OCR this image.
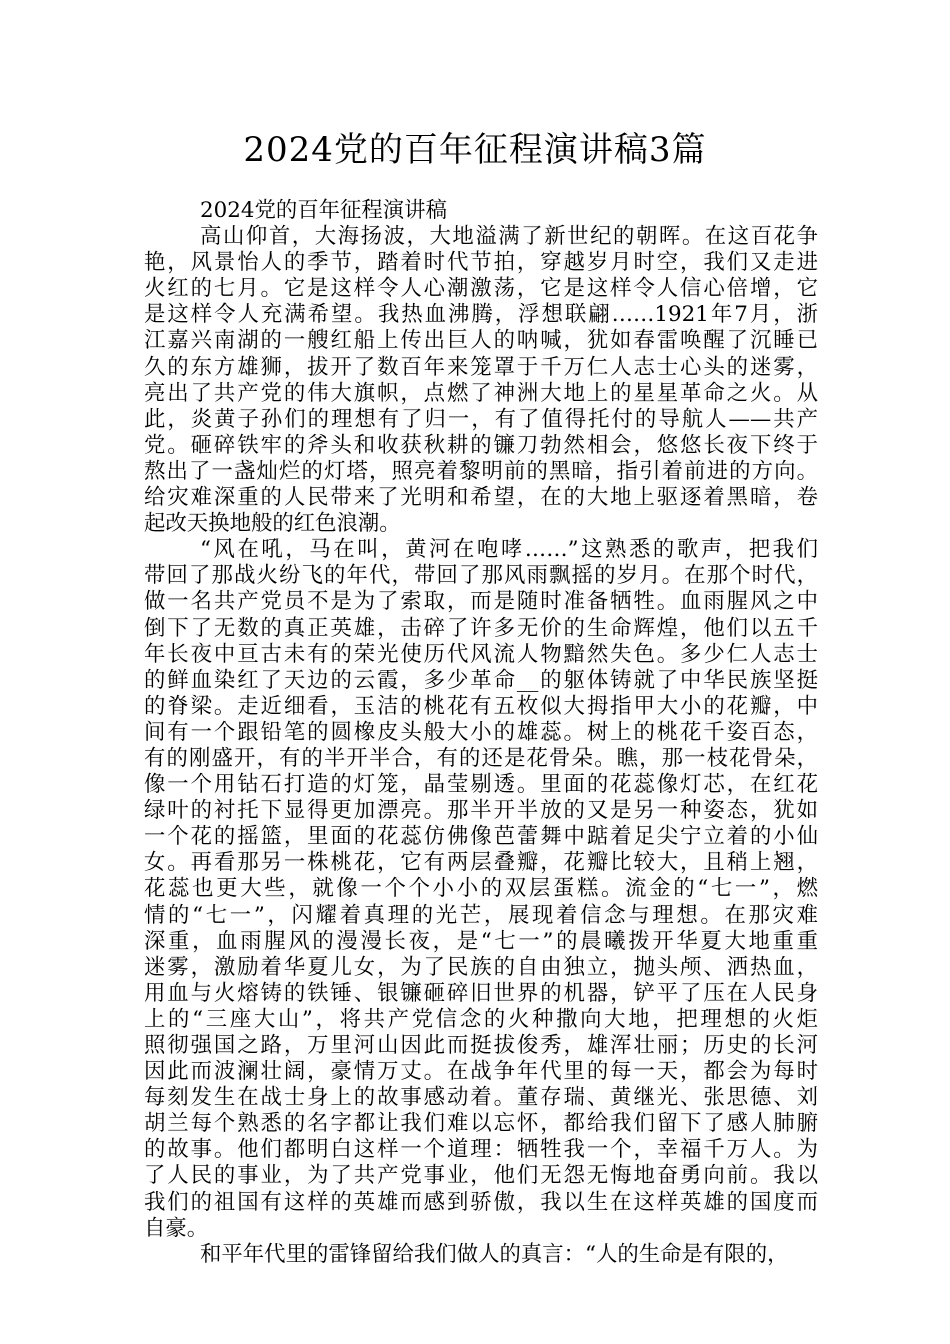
2024党的百年征程演讲稿3篇
2024党的百年征程演讲稿
高山仰首，大海扬波，大地溢满了新世纪的朝晖。在这百花争
艳，风景怡人的季节，踏着时代节拍，穿越岁月时空，我们又走进
火红的七月。它是这样令人心潮激荡，它是这样令人信心倍增，它
是这样令人充满希望。我热血沸腾，浮想联翩……1921年7月，浙
江嘉兴南湖的一艘红船上传出巨人的呐喊，犹如春雷唤醒了沉睡已
久的东方雄狮，拔开了数百年来笼罩于千万仁人志士心头的迷雾，
亮出了共产党的伟大旗帜，点燃了神洲大地上的星星革命之火。从
此，炎黄子孙们的理想有了归一，有了值得托付的导航人——共产
党。砸碎铁牢的斧头和收获秋耕的镰刀勃然相会，悠悠长夜下终于
熬出了一盏灿烂的灯塔，照亮着黎明前的黑暗，指引着前进的方向。
给灾难深重的人民带来了光明和希望，在的大地上驱逐着黑暗，卷
起改天换地般的红色浪潮。
“风在吼，马在叫，黄河在咆哮……”这熟悉的歌声，把我们
带回了那战火纷飞的年代，带回了那风雨飘摇的岁月。在那个时代，
做一名共产党员不是为了索取，而是随时准备牺牲。血雨腥风之中
倒下了无数的真正英雄，击碎了许多无价的生命辉煌，他们以五千
年长夜中亘古未有的荣光使历代风流人物黯然失色。多少仁人志士
的鲜血染红了天边的云霞，多少革命__的躯体铸就了中华民族坚挺
的脊梁。走近细看，玉洁的桃花有五枚似大拇指甲大小的花瓣，中
间有一个跟铅笔的圆橡皮头般大小的雄蕊。树上的桃花千姿百态，
有的刚盛开，有的半开半合，有的还是花骨朵。瞧，那一枝花骨朵，
像一个用钻石打造的灯笼，晶莹剔透。里面的花蕊像灯芯，在红花
绿叶的衬托下显得更加漂亮。那半开半放的又是另一种姿态，犹如
一个花的摇篮，里面的花蕊仿佛像芭蕾舞中踮着足尖宁立着的小仙
女。再看那另一株桃花，它有两层叠瓣，花瓣比较大，且稍上翘，
花蕊也更大些，就像一个个小小的双层蛋糕。流金的“七一”，燃
情的“七一”，闪耀着真理的光芒，展现着信念与理想。在那灾难
深重，血雨腥风的漫漫长夜，是“七一”的晨曦拨开华夏大地重重
迷雾，激励着华夏儿女，为了民族的自由独立，抛头颅、洒热血，
用血与火熔铸的铁锤、银镰砸碎旧世界的机器，铲平了压在人民身
上的“三座大山”，将共产党信念的火种撒向大地，把理想的火炬
照彻强国之路，万里河山因此而挺拔俊秀，雄浑壮丽；历史的长河
因此而波澜壮阔，豪情万丈。在战争年代里的每一天，都会为每时
每刻发生在战士身上的故事感动着。董存瑞、黄继光、张思德、刘
胡兰每个熟悉的名字都让我们难以忘怀，都给我们留下了感人肺腑
的故事。他们都明白这样一个道理：牺牲我一个，幸福千万人。为
了人民的事业，为了共产党事业，他们无怨无悔地奋勇向前。我以
我们的祖国有这样的英雄而感到骄傲，我以生在这样英雄的国度而
自豪。
和平年代里的雷锋留给我们做人的真言：“人的生命是有限的，
